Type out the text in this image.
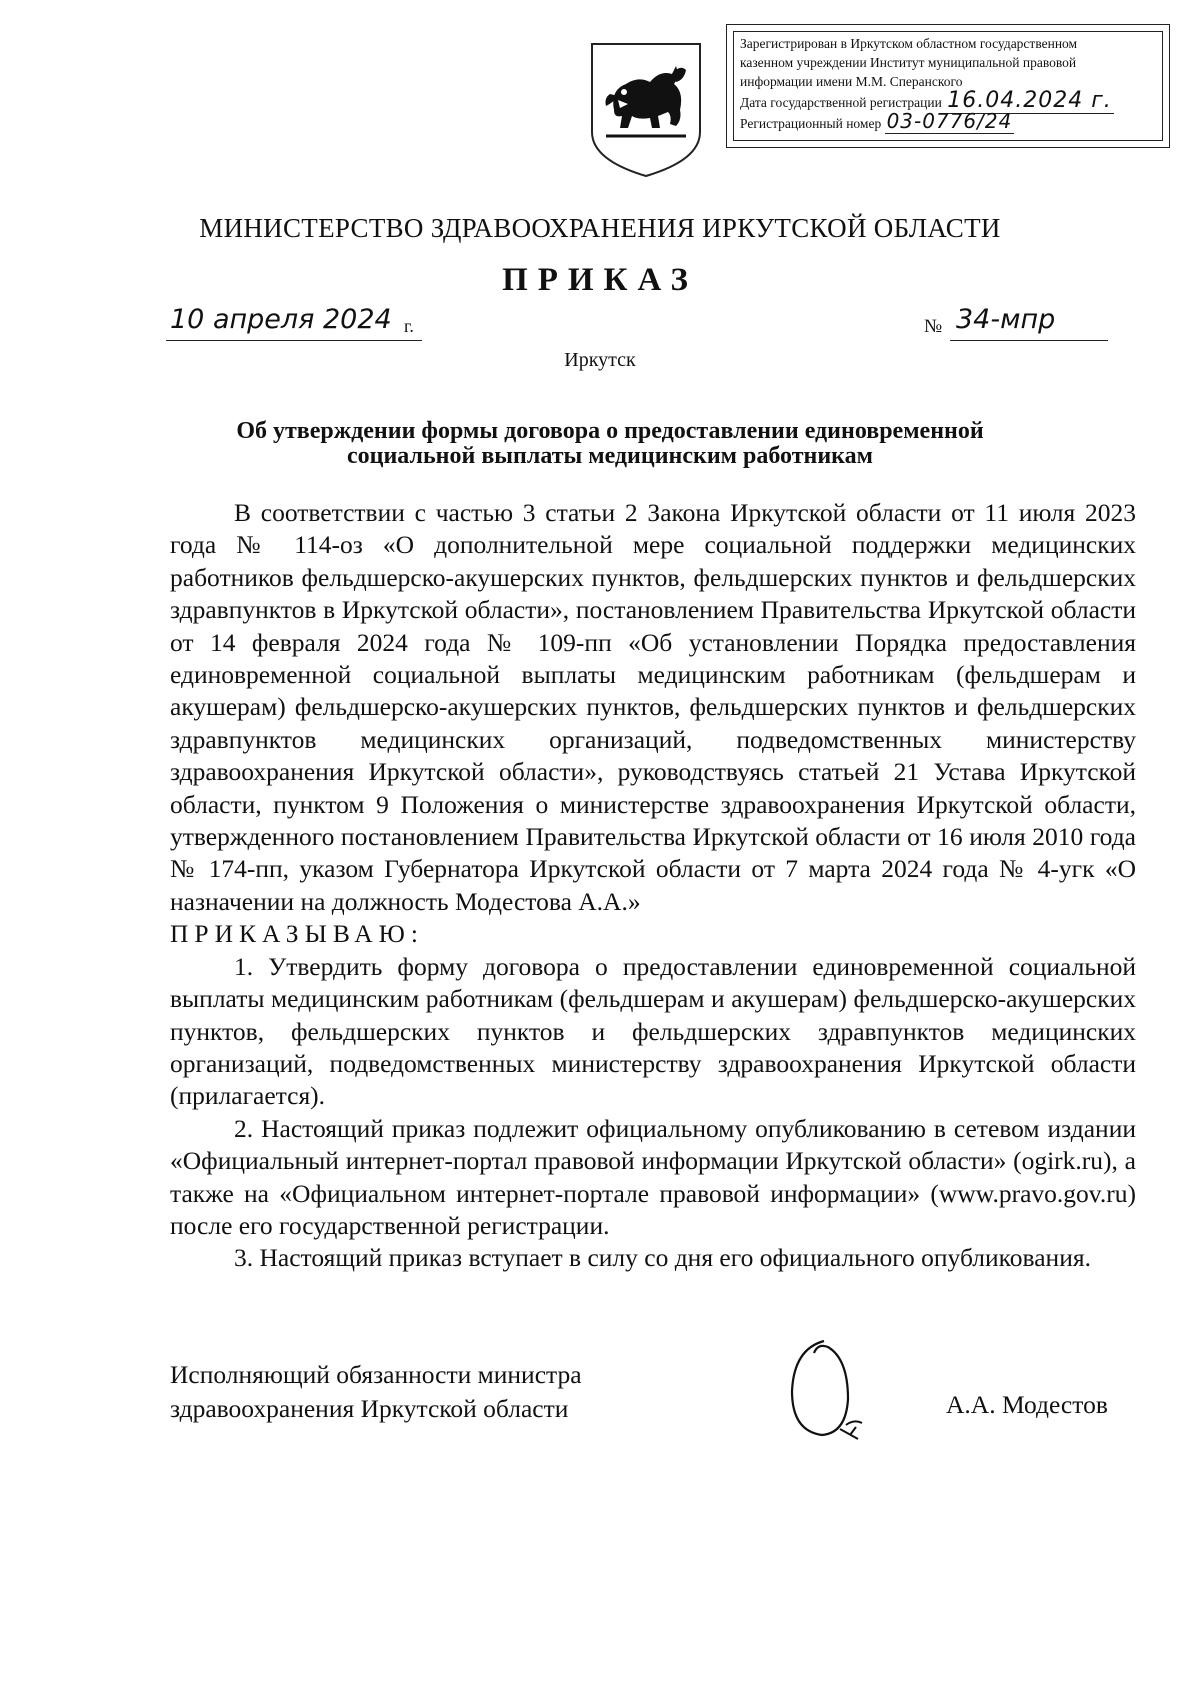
Зарегистрирован в Иркутском областном государственном
казенном учреждении Институт муниципальной правовой
информации имени М.М. Сперанского
Дата государственной регистрации 16.04.2024 г.
Регистрационный номер 03-0776/24
МИНИСТЕРСТВО ЗДРАВООХРАНЕНИЯ ИРКУТСКОЙ ОБЛАСТИ
ПРИКАЗ
10 апреля 2024 г.	№ 34-мпр
Иркутск
Об утверждении формы договора о предоставлении единовременной социальной выплаты медицинским работникам

В соответствии с частью 3 статьи 2 Закона Иркутской области от 11 июля 2023 года № 114-оз «О дополнительной мере социальной поддержки медицинских работников фельдшерско-акушерских пунктов, фельдшерских пунктов и фельдшерских здравпунктов в Иркутской области», постановлением Правительства Иркутской области от 14 февраля 2024 года № 109-пп «Об установлении Порядка предоставления единовременной социальной выплаты медицинским работникам (фельдшерам и акушерам) фельдшерско-акушерских пунктов, фельдшерских пунктов и фельдшерских здравпунктов медицинских организаций, подведомственных министерству здравоохранения Иркутской области», руководствуясь статьей 21 Устава Иркутской области, пунктом 9 Положения о министерстве здравоохранения Иркутской области, утвержденного постановлением Правительства Иркутской области от 16 июля 2010 года № 174-пп, указом Губернатора Иркутской области от 7 марта 2024 года № 4-угк «О назначении на должность Модестова А.А.»

ПРИКАЗЫВАЮ:

1. Утвердить форму договора о предоставлении единовременной социальной выплаты медицинским работникам (фельдшерам и акушерам) фельдшерско-акушерских пунктов, фельдшерских пунктов и фельдшерских здравпунктов медицинских организаций, подведомственных министерству здравоохранения Иркутской области (прилагается).

2. Настоящий приказ подлежит официальному опубликованию в сетевом издании «Официальный интернет-портал правовой информации Иркутской области» (ogirk.ru), а также на «Официальном интернет-портале правовой информации» (www.pravo.gov.ru) после его государственной регистрации.

3. Настоящий приказ вступает в силу со дня его официального опубликования.

Исполняющий обязанности министра
здравоохранения Иркутской области	А.А. Модестов
